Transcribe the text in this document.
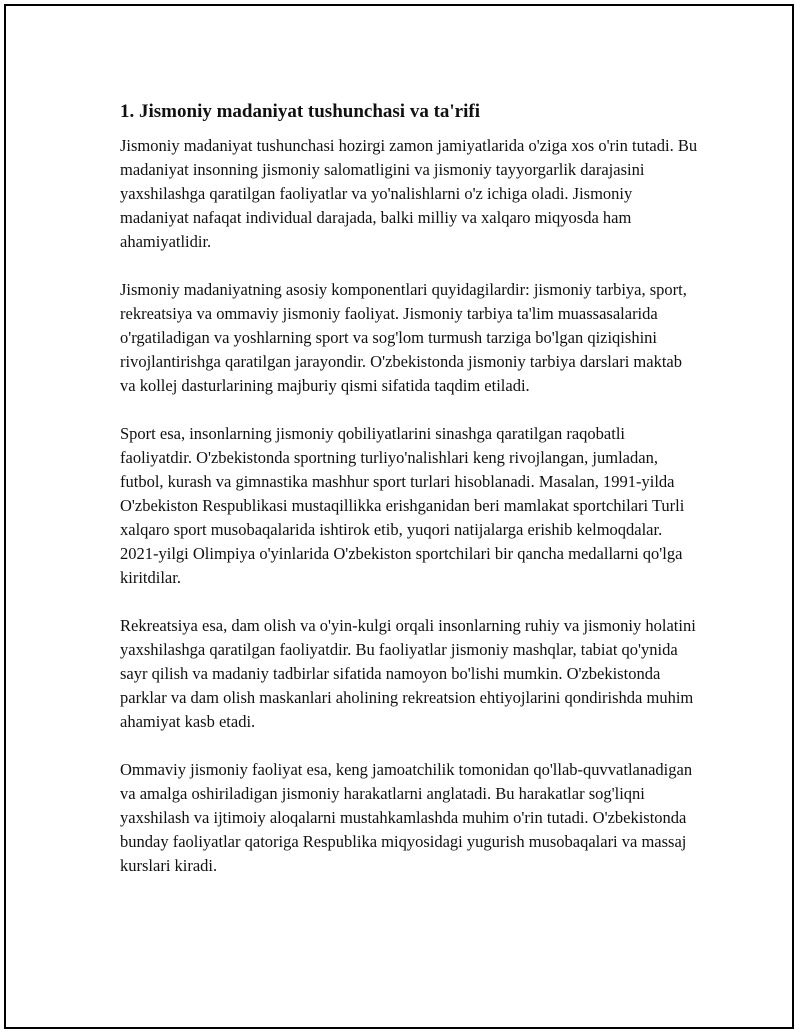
1. Jismoniy madaniyat tushunchasi va ta'rifi

Jismoniy madaniyat tushunchasi hozirgi zamon jamiyatlarida o'ziga xos o'rin tutadi. Bu madaniyat insonning jismoniy salomatligini va jismoniy tayyorgarlik darajasini yaxshilashga qaratilgan faoliyatlar va yo'nalishlarni o'z ichiga oladi. Jismoniy madaniyat nafaqat individual darajada, balki milliy va xalqaro miqyosda ham ahamiyatlidir.

Jismoniy madaniyatning asosiy komponentlari quyidagilardir: jismoniy tarbiya, sport, rekreatsiya va ommaviy jismoniy faoliyat. Jismoniy tarbiya ta'lim muassasalarida o'rgatiladigan va yoshlarning sport va sog'lom turmush tarziga bo'lgan qiziqishini rivojlantirishga qaratilgan jarayondir. O'zbekistonda jismoniy tarbiya darslari maktab va kollej dasturlarining majburiy qismi sifatida taqdim etiladi.

Sport esa, insonlarning jismoniy qobiliyatlarini sinashga qaratilgan raqobatli faoliyatdir. O'zbekistonda sportning turliyo'nalishlari keng rivojlangan, jumladan, futbol, kurash va gimnastika mashhur sport turlari hisoblanadi. Masalan, 1991-yilda O'zbekiston Respublikasi mustaqillikka erishganidan beri mamlakat sportchilari Turli xalqaro sport musobaqalarida ishtirok etib, yuqori natijalarga erishib kelmoqdalar. 2021-yilgi Olimpiya o'yinlarida O'zbekiston sportchilari bir qancha medallarni qo'lga kiritdilar.

Rekreatsiya esa, dam olish va o'yin-kulgi orqali insonlarning ruhiy va jismoniy holatini yaxshilashga qaratilgan faoliyatdir. Bu faoliyatlar jismoniy mashqlar, tabiat qo'ynida sayr qilish va madaniy tadbirlar sifatida namoyon bo'lishi mumkin. O'zbekistonda parklar va dam olish maskanlari aholining rekreatsion ehtiyojlarini qondirishda muhim ahamiyat kasb etadi.

Ommaviy jismoniy faoliyat esa, keng jamoatchilik tomonidan qo'llab-quvvatlanadigan va amalga oshiriladigan jismoniy harakatlarni anglatadi. Bu harakatlar sog'liqni yaxshilash va ijtimoiy aloqalarni mustahkamlashda muhim o'rin tutadi. O'zbekistonda bunday faoliyatlar qatoriga Respublika miqyosidagi yugurish musobaqalari va massaj kurslari kiradi.
